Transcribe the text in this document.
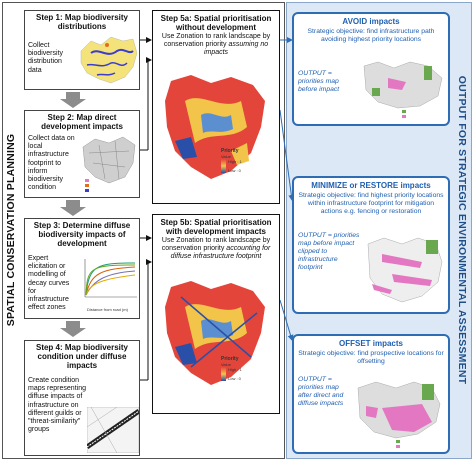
SPATIAL CONSERVATION PLANNING	OUTPUT FOR STRATEGIC ENVIRONMENTAL ASSESSMENT
Step 1: Map biodiversity distributions
Collect biodiversity distribution data
Step 2: Map direct development impacts
Collect data on local infrastructure footprint to inform biodiversity condition
Step 3: Determine diffuse biodiversity impacts of development
Expert elicitation or modelling of decay curves for infrastructure effect zones	Distance from road (m)
Step 4: Map biodiversity condition under diffuse impacts
Create condition maps representing diffuse impacts of infrastructure on different guilds or "threat-similarity" groups
Step 5a: Spatial prioritisation without development
Use Zonation to rank landscape by conservation priority assuming no impacts
Priority
Value
High : 1
Low : 0
Step 5b: Spatial prioritisation with development impacts
Use Zonation to rank landscape by conservation priority accounting for diffuse infrastructure footprint
Priority
Value
High : 1
Low : 0
AVOID impacts
Strategic objective: find infrastructure path avoiding highest priority locations
OUTPUT = priorities map before impact
MINIMIZE or RESTORE impacts
Strategic objective: find highest priority locations within infrastructure footprint for mitigation actions e.g. fencing or restoration
OUTPUT = priorities map before impact clipped to infrastructure footprint
OFFSET impacts
Strategic objective: find prospective locations for offsetting
OUTPUT = priorities map after direct and diffuse impacts
